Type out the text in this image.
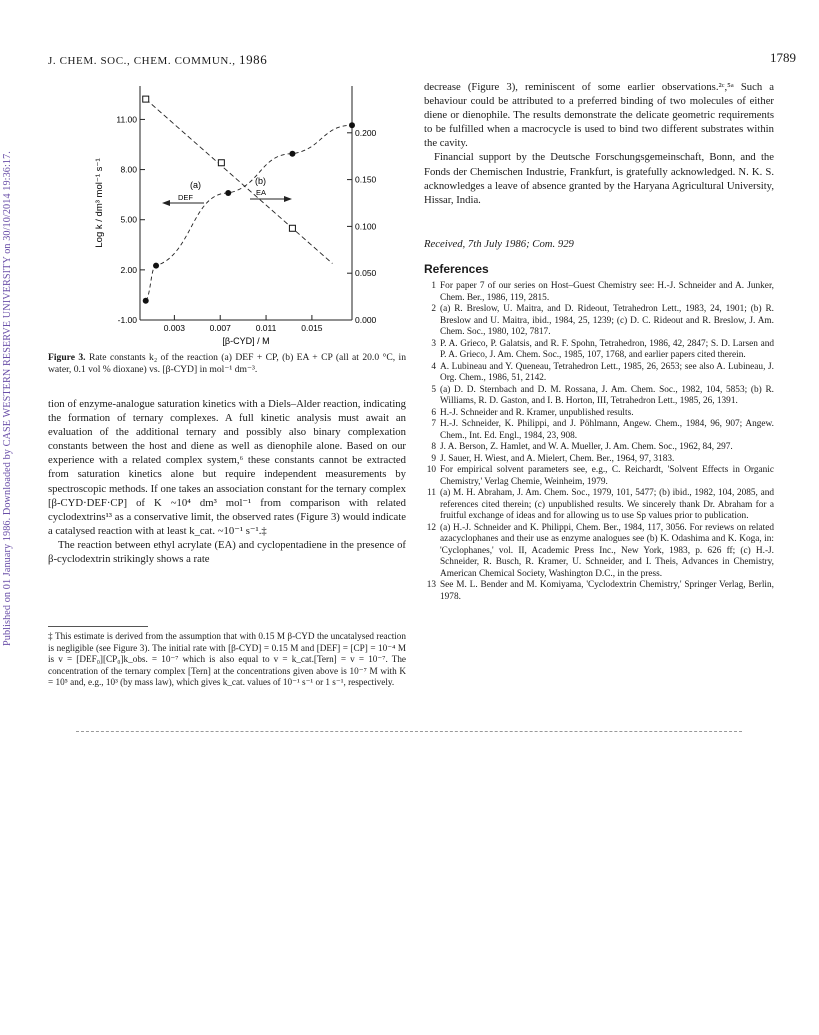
Published on 01 January 1986. Downloaded by CASE WESTERN RESERVE UNIVERSITY on 30/10/2014 19:36:17.
J. CHEM. SOC., CHEM. COMMUN., 1986	1789
11.00
8.00
5.00
2.00
-1.00
0.200
0.150
0.100
0.050
0.000
0.003	0.007	0.011	0.015
Log k / dm³ mol⁻¹ s⁻¹
[β-CYD] / M
(a)
DEF
(b)
EA
Figure 3. Rate constants k₂ of the reaction (a) DEF + CP, (b) EA + CP (all at 20.0 °C, in water, 0.1 vol % dioxane) vs. [β-CYD] in mol⁻¹ dm⁻³.

tion of enzyme-analogue saturation kinetics with a Diels–Alder reaction, indicating the formation of ternary complexes. A full kinetic analysis must await an evaluation of the additional ternary and possibly also binary complexation constants between the host and diene as well as dienophile alone. Based on our experience with a related complex system,⁶ these constants cannot be extracted from saturation kinetics alone but require independent measurements by spectroscopic methods. If one takes an association constant for the ternary complex [β-CYD·DEF·CP] of K ~10⁴ dm³ mol⁻¹ from comparison with related cyclodextrins¹³ as a conservative limit, the observed rates (Figure 3) would indicate a catalysed reaction with at least k_cat. ~10⁻¹ s⁻¹.‡

The reaction between ethyl acrylate (EA) and cyclopentadiene in the presence of β-cyclodextrin strikingly shows a rate

‡ This estimate is derived from the assumption that with 0.15 M β-CYD the uncatalysed reaction is negligible (see Figure 3). The initial rate with [β-CYD] = 0.15 M and [DEF] = [CP] = 10⁻⁴ M is v = [DEF₀][CP₀]k_obs. = 10⁻⁷ which is also equal to v = k_cat.[Tern] = v = 10⁻⁷. The concentration of the ternary complex [Tern] at the concentrations given above is 10⁻⁷ M with K = 10⁵ and, e.g., 10³ (by mass law), which gives k_cat. values of 10⁻¹ s⁻¹ or 1 s⁻¹, respectively.

decrease (Figure 3), reminiscent of some earlier observations.²ᶜ,⁵ᵃ Such a behaviour could be attributed to a preferred binding of two molecules of either diene or dienophile. The results demonstrate the delicate geometric requirements to be fulfilled when a macrocycle is used to bind two different substrates within the cavity.

Financial support by the Deutsche Forschungsgemeinschaft, Bonn, and the Fonds der Chemischen Industrie, Frankfurt, is gratefully acknowledged. N. K. S. acknowledges a leave of absence granted by the Haryana Agricultural University, Hissar, India.

Received, 7th July 1986; Com. 929
References
1 For paper 7 of our series on Host–Guest Chemistry see: H.-J. Schneider and A. Junker, Chem. Ber., 1986, 119, 2815.
2 (a) R. Breslow, U. Maitra, and D. Rideout, Tetrahedron Lett., 1983, 24, 1901; (b) R. Breslow and U. Maitra, ibid., 1984, 25, 1239; (c) D. C. Rideout and R. Breslow, J. Am. Chem. Soc., 1980, 102, 7817.
3 P. A. Grieco, P. Galatsis, and R. F. Spohn, Tetrahedron, 1986, 42, 2847; S. D. Larsen and P. A. Grieco, J. Am. Chem. Soc., 1985, 107, 1768, and earlier papers cited therein.
4 A. Lubineau and Y. Queneau, Tetrahedron Lett., 1985, 26, 2653; see also A. Lubineau, J. Org. Chem., 1986, 51, 2142.
5 (a) D. D. Sternbach and D. M. Rossana, J. Am. Chem. Soc., 1982, 104, 5853; (b) R. Williams, R. D. Gaston, and I. B. Horton, III, Tetrahedron Lett., 1985, 26, 1391.
6 H.-J. Schneider and R. Kramer, unpublished results.
7 H.-J. Schneider, K. Philippi, and J. Pöhlmann, Angew. Chem., 1984, 96, 907; Angew. Chem., Int. Ed. Engl., 1984, 23, 908.
8 J. A. Berson, Z. Hamlet, and W. A. Mueller, J. Am. Chem. Soc., 1962, 84, 297.
9 J. Sauer, H. Wiest, and A. Mielert, Chem. Ber., 1964, 97, 3183.
10 For empirical solvent parameters see, e.g., C. Reichardt, 'Solvent Effects in Organic Chemistry,' Verlag Chemie, Weinheim, 1979.
11 (a) M. H. Abraham, J. Am. Chem. Soc., 1979, 101, 5477; (b) ibid., 1982, 104, 2085, and references cited therein; (c) unpublished results. We sincerely thank Dr. Abraham for a fruitful exchange of ideas and for allowing us to use Sp values prior to publication.
12 (a) H.-J. Schneider and K. Philippi, Chem. Ber., 1984, 117, 3056. For reviews on related azacyclophanes and their use as enzyme analogues see (b) K. Odashima and K. Koga, in: 'Cyclophanes,' vol. II, Academic Press Inc., New York, 1983, p. 626 ff; (c) H.-J. Schneider, R. Busch, R. Kramer, U. Schneider, and I. Theis, Advances in Chemistry, American Chemical Society, Washington D.C., in the press.
13 See M. L. Bender and M. Komiyama, 'Cyclodextrin Chemistry,' Springer Verlag, Berlin, 1978.
